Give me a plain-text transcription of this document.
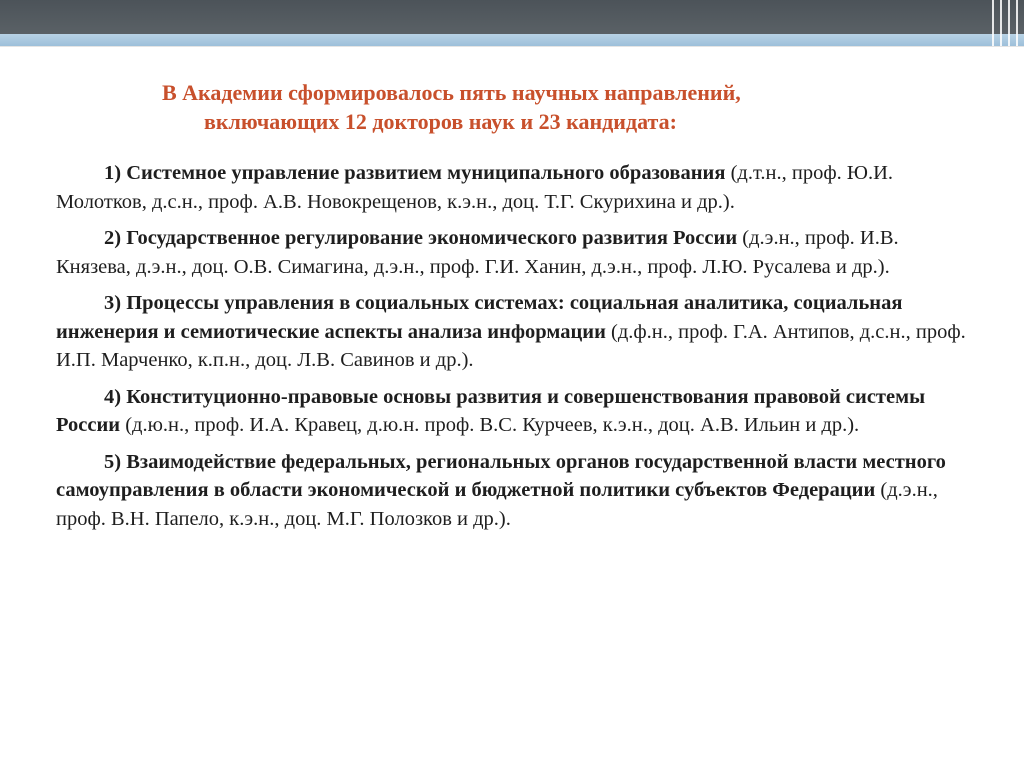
В Академии сформировалось пять научных направлений,
включающих 12 докторов наук и 23 кандидата:

1) Системное управление развитием муниципального образования (д.т.н., проф. Ю.И. Молотков, д.с.н., проф. А.В. Новокрещенов, к.э.н., доц. Т.Г. Скурихина и др.).

2) Государственное регулирование экономического развития России (д.э.н., проф. И.В. Князева, д.э.н., доц. О.В. Симагина, д.э.н., проф. Г.И. Ханин, д.э.н., проф. Л.Ю. Русалева и др.).

3) Процессы управления в социальных системах: социальная аналитика, социальная инженерия и семиотические аспекты анализа информации (д.ф.н., проф. Г.А. Антипов, д.с.н., проф. И.П. Марченко, к.п.н., доц. Л.В. Савинов и др.).

4) Конституционно-правовые основы развития и совершенствования правовой системы России (д.ю.н., проф. И.А. Кравец, д.ю.н. проф. В.С. Курчеев, к.э.н., доц. А.В. Ильин и др.).

5) Взаимодействие федеральных, региональных органов государственной власти местного самоуправления в области экономической и бюджетной политики субъектов Федерации (д.э.н., проф. В.Н. Папело, к.э.н., доц. М.Г. Полозков и др.).
